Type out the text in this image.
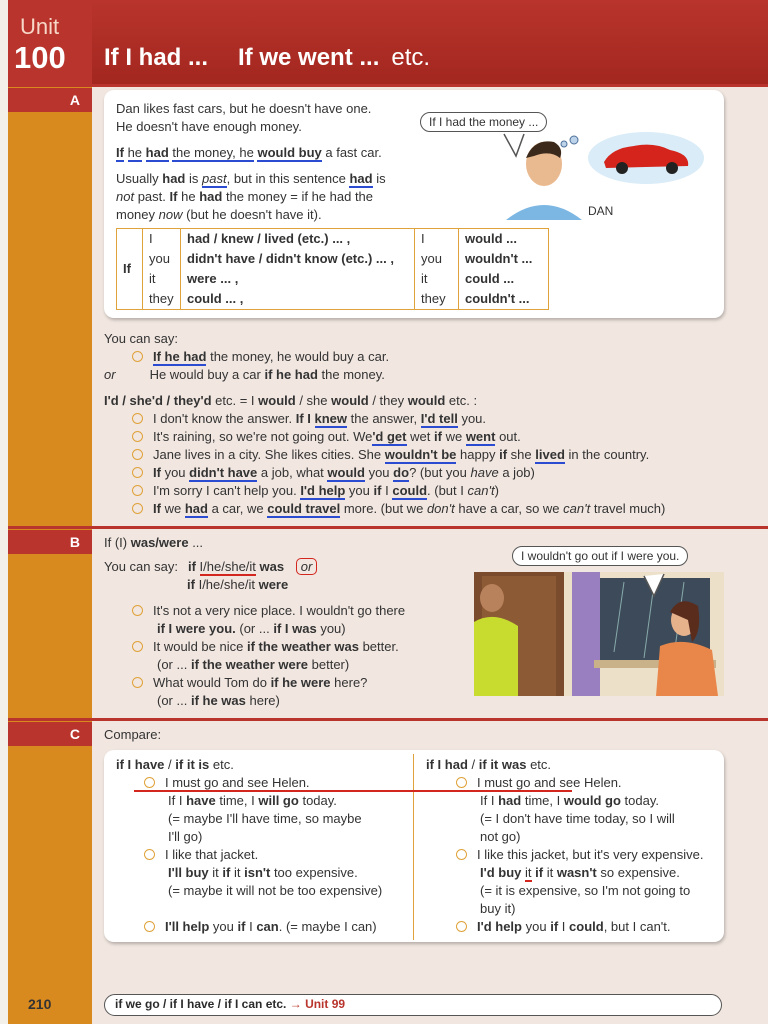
Unit
100 If I had ... If we went ... etc.
A
Dan likes fast cars, but he doesn't have one.
He doesn't have enough money.
If he had the money, he would buy a fast car.
Usually had is past, but in this sentence had is
not past. If he had the money = if he had the
money now (but he doesn't have it).
If I had the money ...
DAN
If	I	had / knew / lived (etc.) ... ,	I	would ...
	you	didn't have / didn't know (etc.) ... ,	you	wouldn't ...
	it	were ... ,	it	could ...
	they	could ... ,	they	couldn't ...
You can say:
If he had the money, he would buy a car.
or	He would buy a car if he had the money.
I'd / she'd / they'd etc. = I would / she would / they would etc. :
I don't know the answer. If I knew the answer, I'd tell you.
It's raining, so we're not going out. We'd get wet if we went out.
Jane lives in a city. She likes cities. She wouldn't be happy if she lived in the country.
If you didn't have a job, what would you do? (but you have a job)
I'm sorry I can't help you. I'd help you if I could. (but I can't)
If we had a car, we could travel more. (but we don't have a car, so we can't travel much)
B	If (I) was/were ...
You can say: if I/he/she/it was or
if I/he/she/it were
It's not a very nice place. I wouldn't go there
if I were you. (or ... if I was you)
It would be nice if the weather was better.
(or ... if the weather were better)
What would Tom do if he were here?
(or ... if he was here)
I wouldn't go out if I were you.
C	Compare:
if I have / if it is etc.
I must go and see Helen.
If I have time, I will go today.
(= maybe I'll have time, so maybe
I'll go)
I like that jacket.
I'll buy it if it isn't too expensive.
(= maybe it will not be too expensive)
I'll help you if I can. (= maybe I can)
if I had / if it was etc.
I must go and see Helen.
If I had time, I would go today.
(= I don't have time today, so I will
not go)
I like this jacket, but it's very expensive.
I'd buy it if it wasn't so expensive.
(= it is expensive, so I'm not going to
buy it)
I'd help you if I could, but I can't.
210	if we go / if I have / if I can etc. → Unit 99
